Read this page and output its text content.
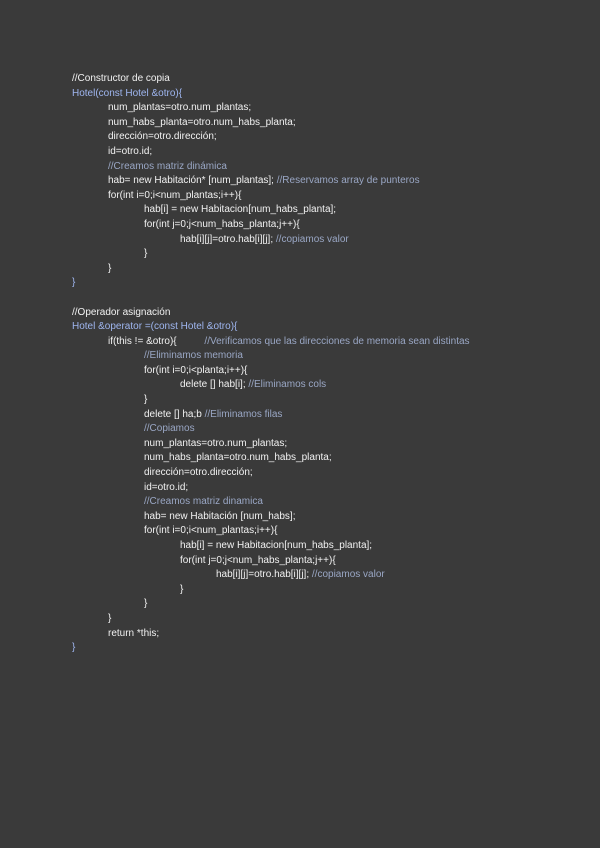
//Constructor de copia
Hotel(const Hotel &otro){
num_plantas=otro.num_plantas;
num_habs_planta=otro.num_habs_planta;
dirección=otro.dirección;
id=otro.id;
//Creamos matriz dinámica
hab= new Habitación* [num_plantas]; //Reservamos array de punteros
for(int i=0;i<num_plantas;i++){
hab[i] = new Habitacion[num_habs_planta];
for(int j=0;j<num_habs_planta;j++){
hab[i][j]=otro.hab[i][j]; //copiamos valor
}
}
}
//Operador asignación
Hotel &operator =(const Hotel &otro){
if(this != &otro){          //Verificamos que las direcciones de memoria sean distintas
//Eliminamos memoria
for(int i=0;i<planta;i++){
delete [] hab[i]; //Eliminamos cols
}
delete [] ha;b //Eliminamos filas
//Copiamos
num_plantas=otro.num_plantas;
num_habs_planta=otro.num_habs_planta;
dirección=otro.dirección;
id=otro.id;
//Creamos matriz dinamica
hab= new Habitación [num_habs];
for(int i=0;i<num_plantas;i++){
hab[i] = new Habitacion[num_habs_planta];
for(int j=0;j<num_habs_planta;j++){
hab[i][j]=otro.hab[i][j]; //copiamos valor
}
}
}
return *this;
}
